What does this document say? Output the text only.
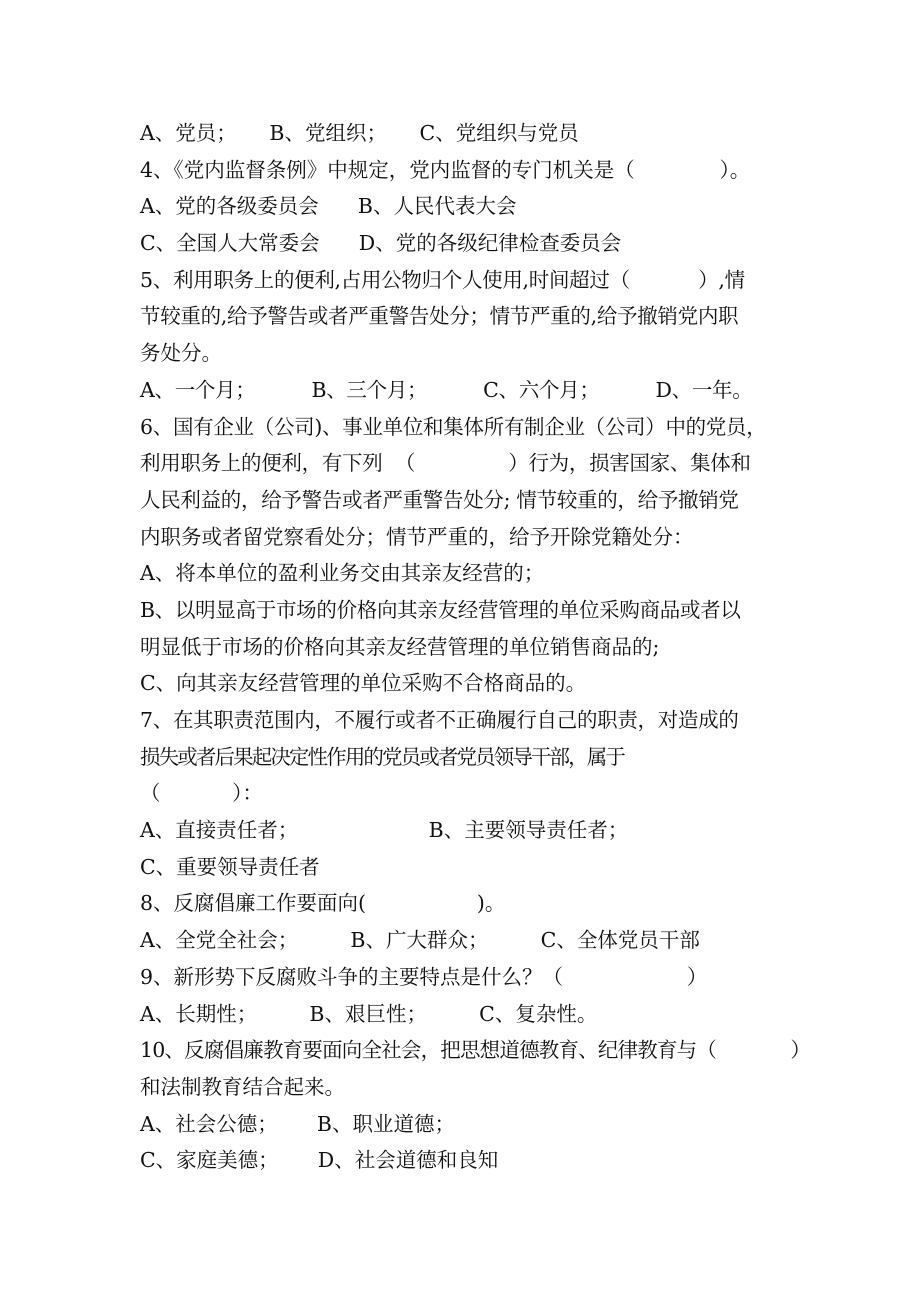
A、党员；     B、党组织；     C、党组织与党员
4、《党内监督条例》中规定，党内监督的专门机关是（             ）。
A、党的各级委员会      B、人民代表大会
C、全国人大常委会      D、党的各级纪律检查委员会
5、利用职务上的便利,占用公物归个人使用,时间超过（           ）,情
节较重的,给予警告或者严重警告处分；情节严重的,给予撤销党内职
务处分。
A、一个月；         B、三个月；         C、六个月；         D、一年。
6、国有企业（公司)、事业单位和集体所有制企业（公司）中的党员，
利用职务上的便利，有下列  （               ）行为，损害国家、集体和
人民利益的，给予警告或者严重警告处分; 情节较重的，给予撤销党
内职务或者留党察看处分；情节严重的，给予开除党籍处分：
A、将本单位的盈利业务交由其亲友经营的；
B、以明显高于市场的价格向其亲友经营管理的单位采购商品或者以
明显低于市场的价格向其亲友经营管理的单位销售商品的;
C、向其亲友经营管理的单位采购不合格商品的。
7、在其职责范围内，不履行或者不正确履行自己的职责，对造成的
损 失 或 者 后 果 起 决 定 性 作 用 的 党 员 或 者 党 员 领 导 干 部 ， 属 于
（           ）：
A、直接责任者；                    B、主要领导责任者；
C、重要领导责任者
8、反腐倡廉工作要面向(                 )。
A、全党全社会；        B、广大群众；        C、全体党员干部
9、新形势下反腐败斗争的主要特点是什么？（                   ）
A、长期性；        B、艰巨性；        C、复杂性。
10、反腐倡廉教育要面向全社会，把思想道德教育、纪律教育与（             ）
和法制教育结合起来。
A、社会公德；      B、职业道德；
C、家庭美德；      D、社会道德和良知
